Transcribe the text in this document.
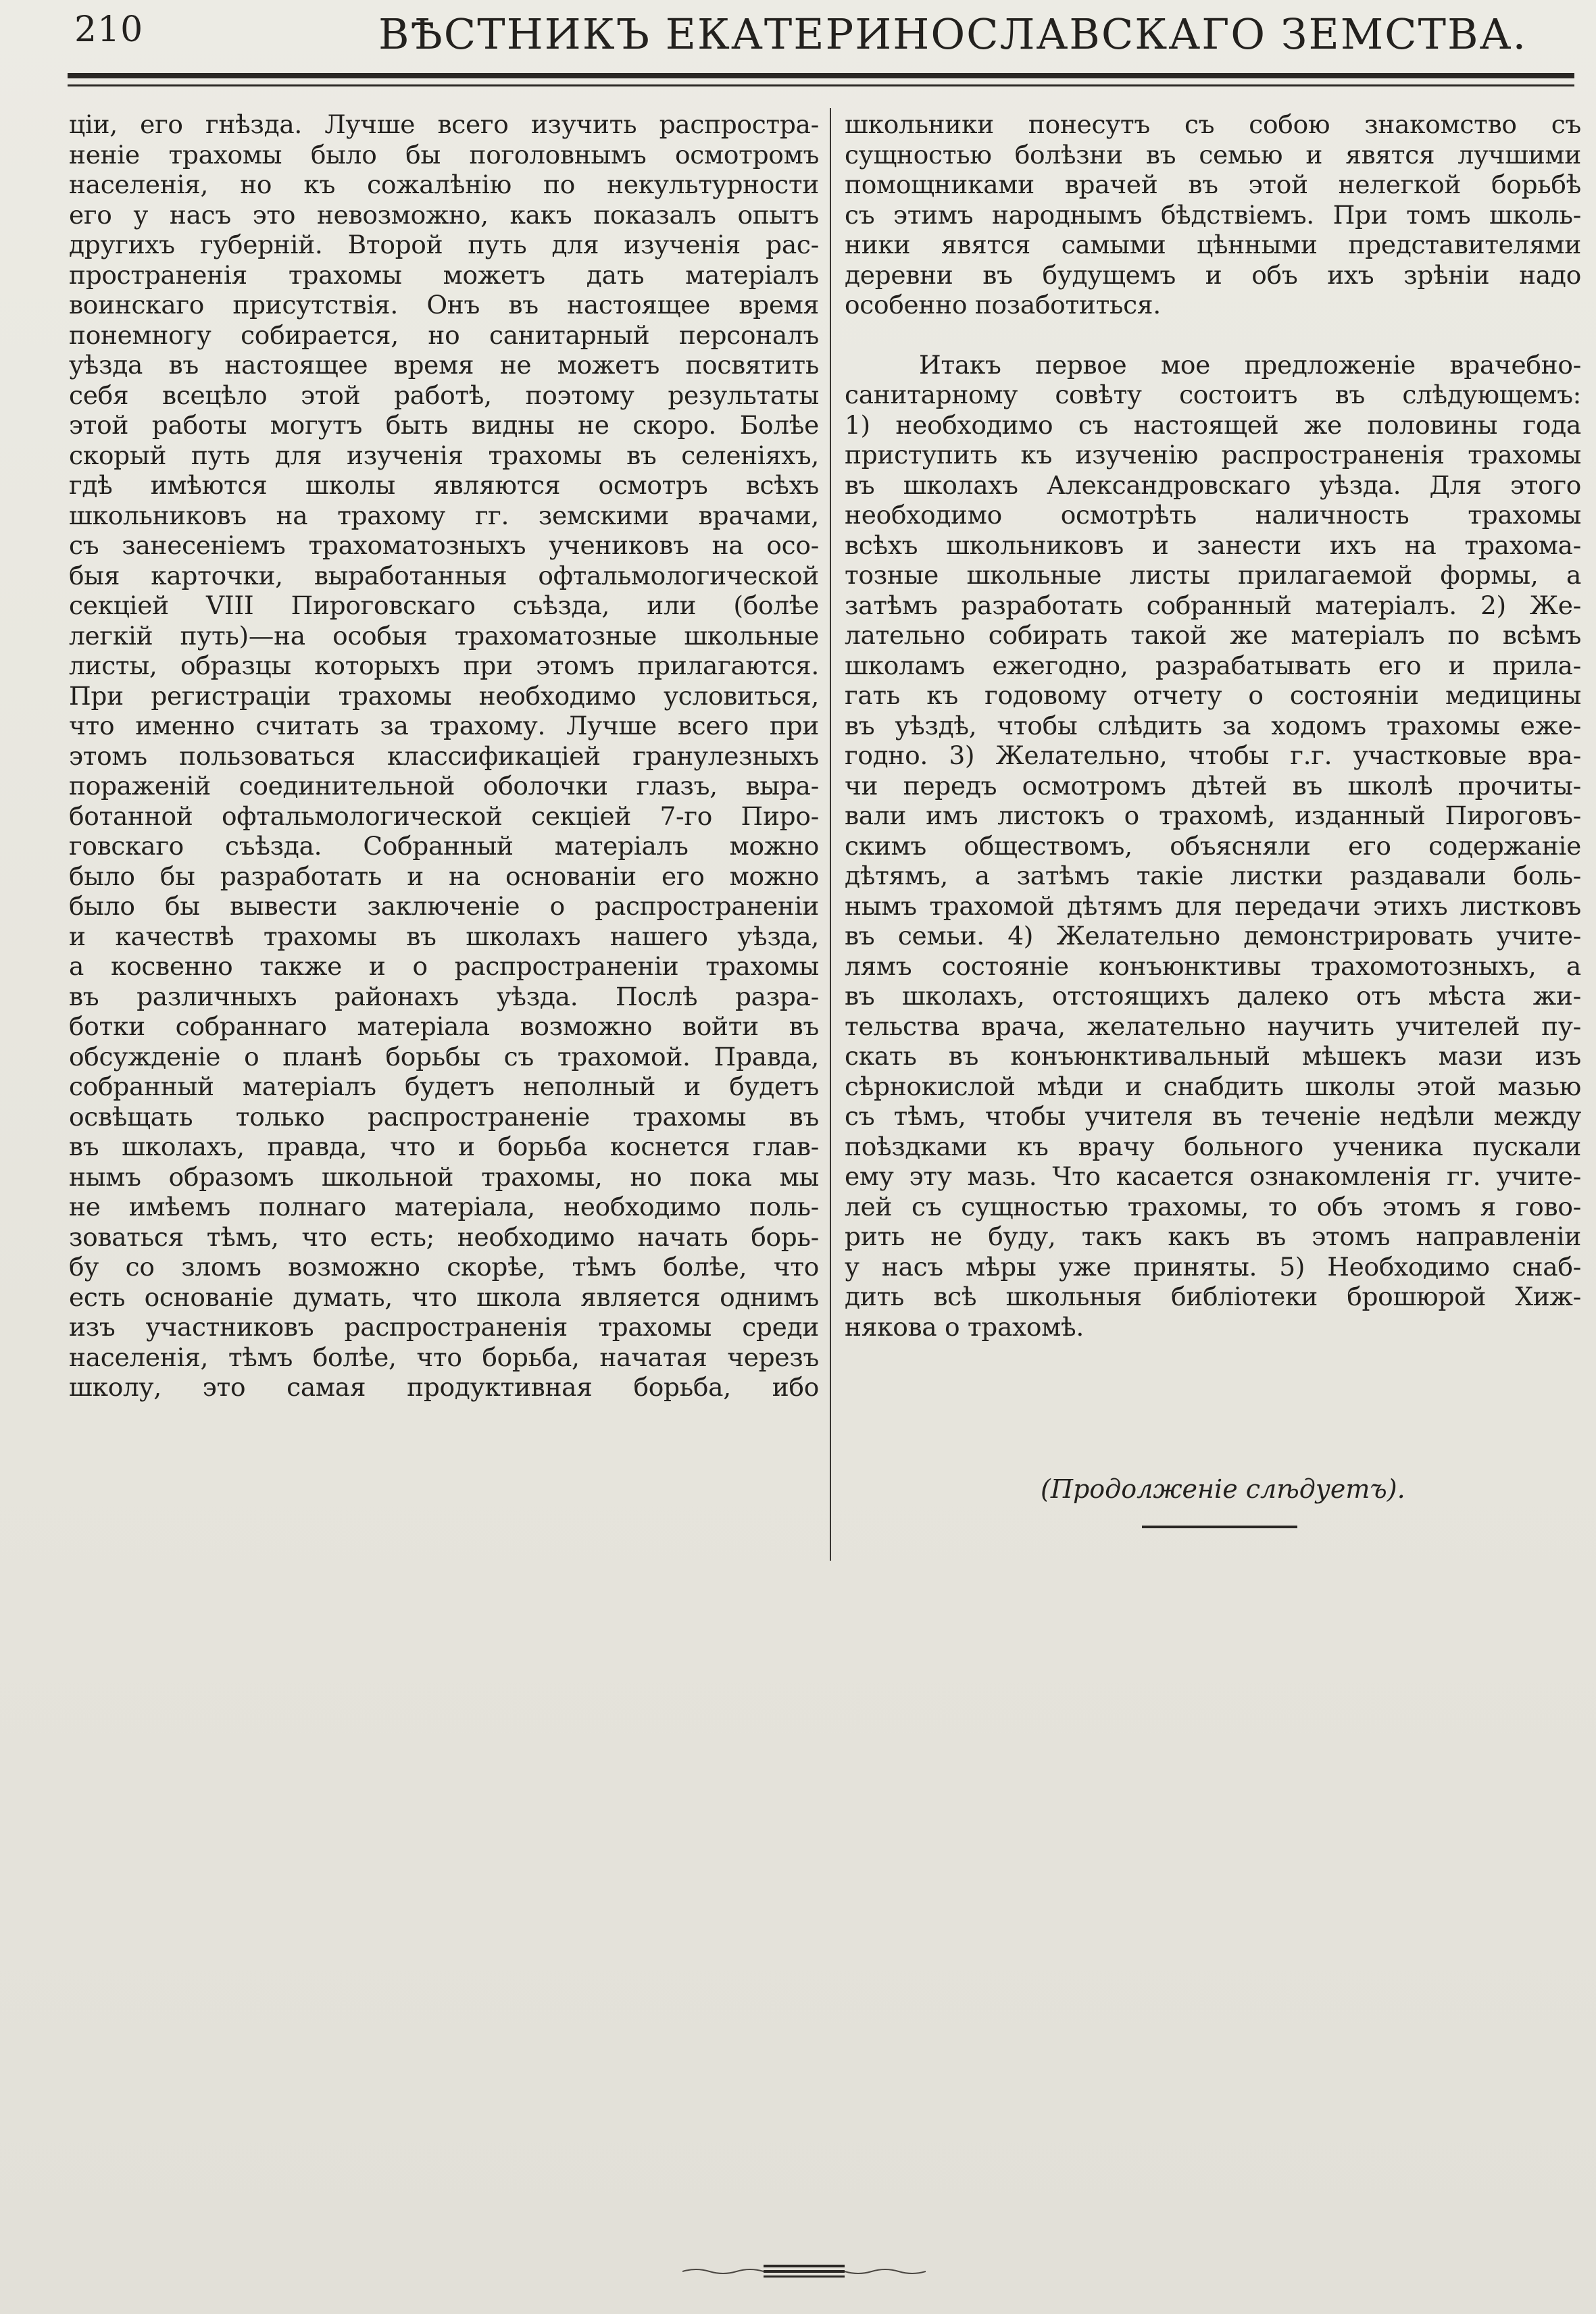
210	ВѢСТНИКЪ ЕКАТЕРИНОСЛАВСКАГО ЗЕМСТВА.
ціи, его гнѣзда. Лучше всего изучить распростра-
неніе трахомы было бы поголовнымъ осмотромъ
населенія, но къ сожалѣнію по некультурности
его у насъ это невозможно, какъ показалъ опытъ
другихъ губерній. Второй путь для изученія рас-
пространенія трахомы можетъ дать матеріалъ
воинскаго присутствія. Онъ въ настоящее время
понемногу собирается, но санитарный персоналъ
уѣзда въ настоящее время не можетъ посвятить
себя всецѣло этой работѣ, поэтому результаты
этой работы могутъ быть видны не скоро. Болѣе
скорый путь для изученія трахомы въ селеніяхъ,
гдѣ имѣются школы являются осмотръ всѣхъ
школьниковъ на трахому гг. земскими врачами,
съ занесеніемъ трахоматозныхъ учениковъ на осо-
быя карточки, выработанныя офтальмологической
секціей VIII Пироговскаго съѣзда, или (болѣе
легкій путь)—на особыя трахоматозные школьные
листы, образцы которыхъ при этомъ прилагаются.
При регистраціи трахомы необходимо условиться,
что именно считать за трахому. Лучше всего при
этомъ пользоваться классификаціей гранулезныхъ
пораженій соединительной оболочки глазъ, выра-
ботанной офтальмологической секціей 7-го Пиро-
говскаго съѣзда. Собранный матеріалъ можно
было бы разработать и на основаніи его можно
было бы вывести заключеніе о распространеніи
и качествѣ трахомы въ школахъ нашего уѣзда,
а косвенно также и о распространеніи трахомы
въ различныхъ районахъ уѣзда. Послѣ разра-
ботки собраннаго матеріала возможно войти въ
обсужденіе о планѣ борьбы съ трахомой. Правда,
собранный матеріалъ будетъ неполный и будетъ
освѣщать только распространеніе трахомы въ
въ школахъ, правда, что и борьба коснется глав-
нымъ образомъ школьной трахомы, но пока мы
не имѣемъ полнаго матеріала, необходимо поль-
зоваться тѣмъ, что есть; необходимо начать борь-
бу со зломъ возможно скорѣе, тѣмъ болѣе, что
есть основаніе думать, что школа является однимъ
изъ участниковъ распространенія трахомы среди
населенія, тѣмъ болѣе, что борьба, начатая черезъ
школу, это самая продуктивная борьба, ибо
школьники понесутъ съ собою знакомство съ
сущностью болѣзни въ семью и явятся лучшими
помощниками врачей въ этой нелегкой борьбѣ
съ этимъ народнымъ бѣдствіемъ. При томъ школь-
ники явятся самыми цѣнными представителями
деревни въ будущемъ и объ ихъ зрѣніи надо
особенно позаботиться.
Итакъ первое мое предложеніе врачебно-
санитарному совѣту состоитъ въ слѣдующемъ:
1) необходимо съ настоящей же половины года
приступить къ изученію распространенія трахомы
въ школахъ Александровскаго уѣзда. Для этого
необходимо осмотрѣть наличность трахомы
всѣхъ школьниковъ и занести ихъ на трахома-
тозные школьные листы прилагаемой формы, а
затѣмъ разработать собранный матеріалъ. 2) Же-
лательно собирать такой же матеріалъ по всѣмъ
школамъ ежегодно, разрабатывать его и прила-
гать къ годовому отчету о состояніи медицины
въ уѣздѣ, чтобы слѣдить за ходомъ трахомы еже-
годно. 3) Желательно, чтобы г.г. участковые вра-
чи передъ осмотромъ дѣтей въ школѣ прочиты-
вали имъ листокъ о трахомѣ, изданный Пироговъ-
скимъ обществомъ, объясняли его содержаніе
дѣтямъ, а затѣмъ такіе листки раздавали боль-
нымъ трахомой дѣтямъ для передачи этихъ листковъ
въ семьи. 4) Желательно демонстрировать учите-
лямъ состояніе конъюнктивы трахомотозныхъ, а
въ школахъ, отстоящихъ далеко отъ мѣста жи-
тельства врача, желательно научить учителей пу-
скать въ конъюнктивальный мѣшекъ мази изъ
сѣрнокислой мѣди и снабдить школы этой мазью
съ тѣмъ, чтобы учителя въ теченіе недѣли между
поѣздками къ врачу больного ученика пускали
ему эту мазь. Что касается ознакомленія гг. учите-
лей съ сущностью трахомы, то объ этомъ я гово-
рить не буду, такъ какъ въ этомъ направленіи
у насъ мѣры уже приняты. 5) Необходимо снаб-
дить всѣ школьныя библіотеки брошюрой Хиж-
някова о трахомѣ.
(Продолженіе слѣдуетъ).
